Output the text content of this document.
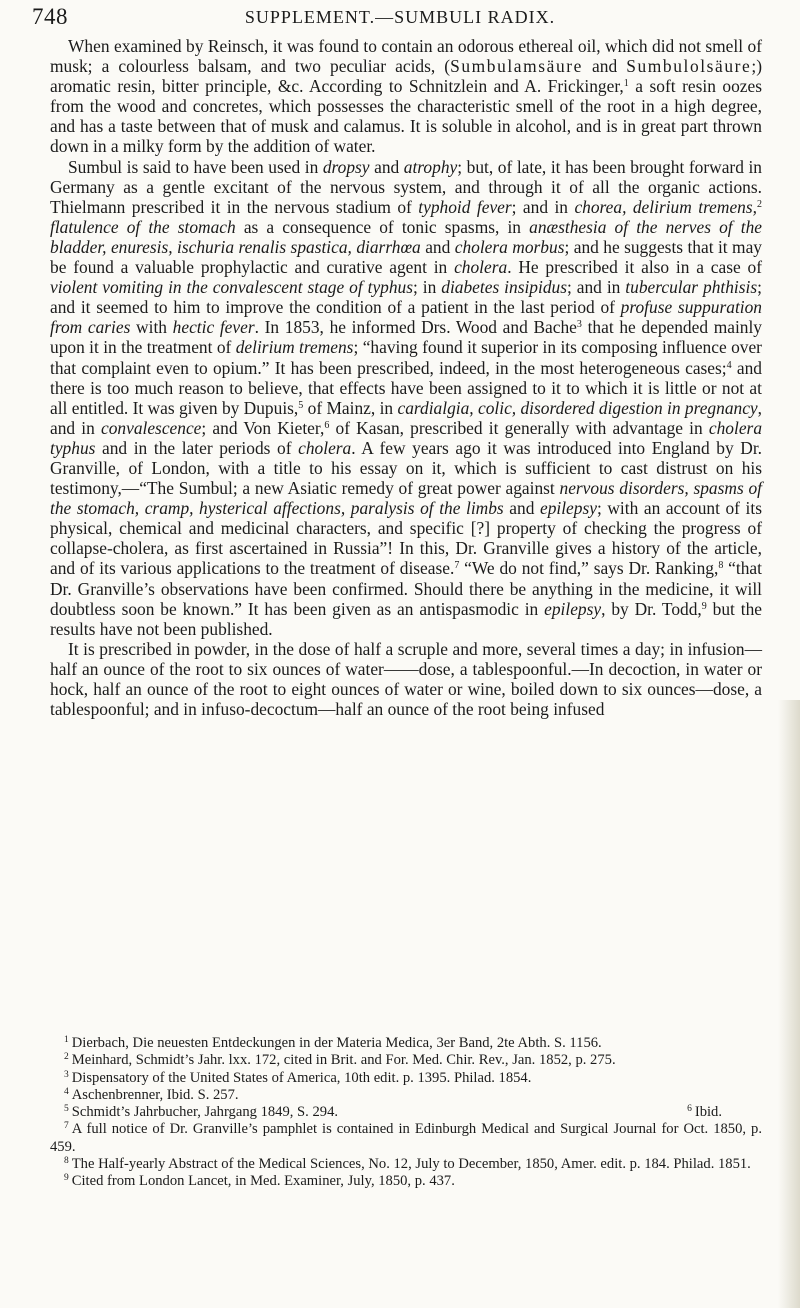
748	SUPPLEMENT.—SUMBULI RADIX.

When examined by Reinsch, it was found to contain an odorous ethereal oil, which did not smell of musk; a colourless balsam, and two peculiar acids, (Sumbulamsäure and Sumbulolsäure;) aromatic resin, bitter principle, &c. According to Schnitzlein and A. Frickinger,$^1$ a soft resin oozes from the wood and concretes, which possesses the characteristic smell of the root in a high degree, and has a taste between that of musk and calamus. It is soluble in alcohol, and is in great part thrown down in a milky form by the addition of water.

Sumbul is said to have been used in dropsy and atrophy; but, of late, it has been brought forward in Germany as a gentle excitant of the nervous system, and through it of all the organic actions. Thielmann prescribed it in the nervous stadium of typhoid fever; and in chorea, delirium tremens,$^2$ flatulence of the stomach as a consequence of tonic spasms, in anæsthesia of the nerves of the bladder, enuresis, ischuria renalis spastica, diarrhœa and cholera morbus; and he suggests that it may be found a valuable prophylactic and curative agent in cholera. He prescribed it also in a case of violent vomiting in the convalescent stage of typhus; in diabetes insipidus; and in tubercular phthisis; and it seemed to him to improve the condition of a patient in the last period of profuse suppuration from caries with hectic fever. In 1853, he informed Drs. Wood and Bache$^3$ that he depended mainly upon it in the treatment of delirium tremens; “having found it superior in its composing influence over that complaint even to opium.” It has been prescribed, indeed, in the most heterogeneous cases;$^4$ and there is too much reason to believe, that effects have been assigned to it to which it is little or not at all entitled. It was given by Dupuis,$^5$ of Mainz, in cardialgia, colic, disordered digestion in pregnancy, and in convalescence; and Von Kieter,$^6$ of Kasan, prescribed it generally with advantage in cholera typhus and in the later periods of cholera. A few years ago it was introduced into England by Dr. Granville, of London, with a title to his essay on it, which is sufficient to cast distrust on his testimony,—“The Sumbul; a new Asiatic remedy of great power against nervous disorders, spasms of the stomach, cramp, hysterical affections, paralysis of the limbs and epilepsy; with an account of its physical, chemical and medicinal characters, and specific [?] property of checking the progress of collapse-cholera, as first ascertained in Russia”! In this, Dr. Granville gives a history of the article, and of its various applications to the treatment of disease.$^7$ “We do not find,” says Dr. Ranking,$^8$ “that Dr. Granville’s observations have been confirmed. Should there be anything in the medicine, it will doubtless soon be known.” It has been given as an antispasmodic in epilepsy, by Dr. Todd,$^9$ but the results have not been published.

It is prescribed in powder, in the dose of half a scruple and more, several times a day; in infusion—half an ounce of the root to six ounces of water——dose, a tablespoonful.—In decoction, in water or hock, half an ounce of the root to eight ounces of water or wine, boiled down to six ounces—dose, a tablespoonful; and in infuso-decoctum—half an ounce of the root being infused

$^1$ Dierbach, Die neuesten Entdeckungen in der Materia Medica, 3er Band, 2te Abth. S. 1156.

$^2$ Meinhard, Schmidt’s Jahr. lxx. 172, cited in Brit. and For. Med. Chir. Rev., Jan. 1852, p. 275.

$^3$ Dispensatory of the United States of America, 10th edit. p. 1395. Philad. 1854.

$^4$ Aschenbrenner, Ibid. S. 257.

$^5$ Schmidt’s Jahrbucher, Jahrgang 1849, S. 294.	$^6$ Ibid.

$^7$ A full notice of Dr. Granville’s pamphlet is contained in Edinburgh Medical and Surgical Journal for Oct. 1850, p. 459.

$^8$ The Half-yearly Abstract of the Medical Sciences, No. 12, July to December, 1850, Amer. edit. p. 184. Philad. 1851.

$^9$ Cited from London Lancet, in Med. Examiner, July, 1850, p. 437.
